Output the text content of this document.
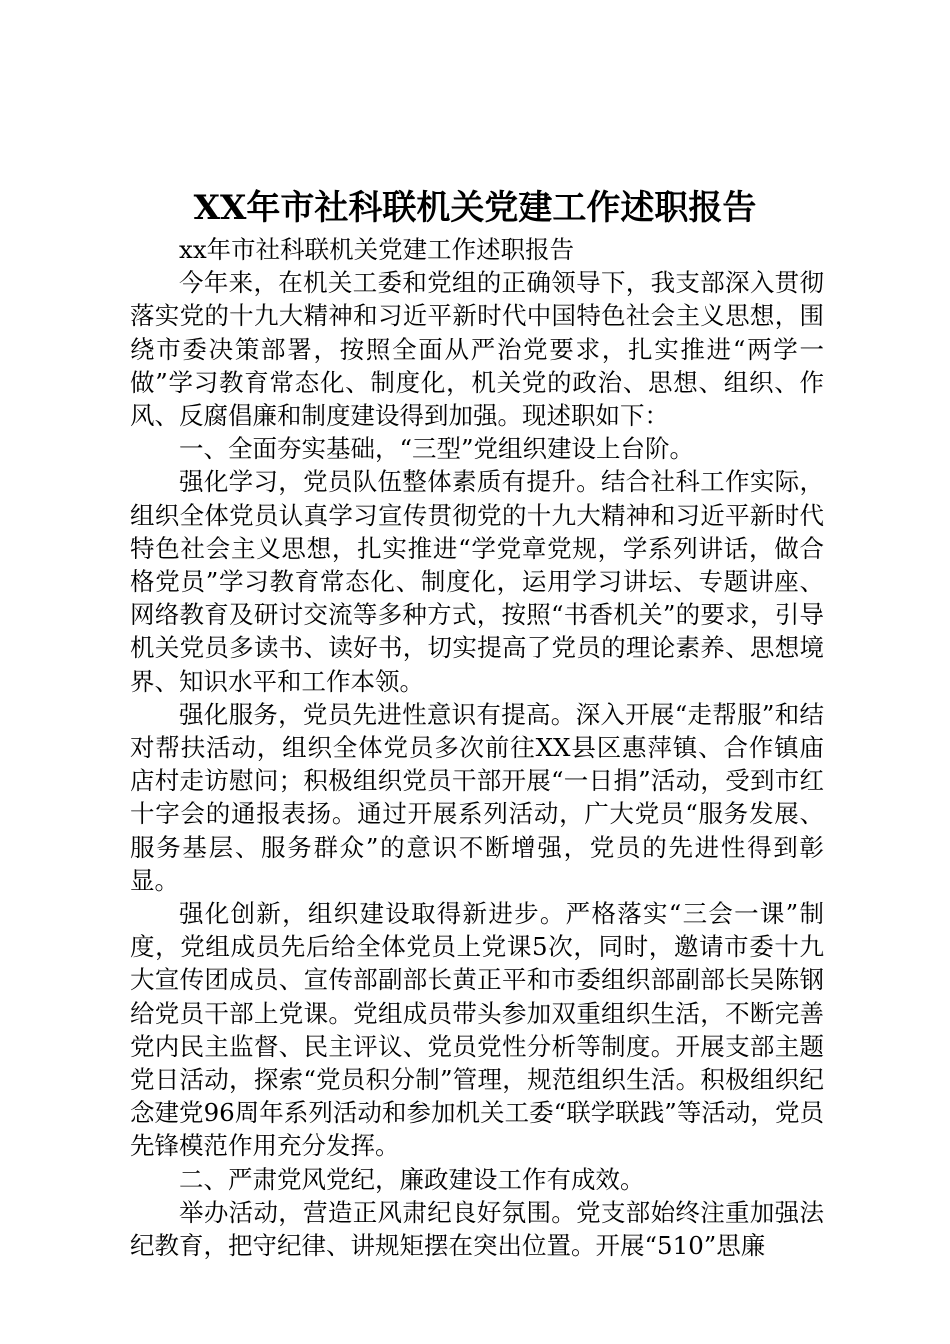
XX年市社科联机关党建工作述职报告

xx年市社科联机关党建工作述职报告

今年来，在机关工委和党组的正确领导下，我支部深入贯彻落实党的十九大精神和习近平新时代中国特色社会主义思想，围绕市委决策部署，按照全面从严治党要求，扎实推进“两学一做”学习教育常态化、制度化，机关党的政治、思想、组织、作风、反腐倡廉和制度建设得到加强。现述职如下：

一、全面夯实基础，“三型”党组织建设上台阶。

强化学习，党员队伍整体素质有提升。结合社科工作实际，组织全体党员认真学习宣传贯彻党的十九大精神和习近平新时代特色社会主义思想，扎实推进“学党章党规，学系列讲话，做合格党员”学习教育常态化、制度化，运用学习讲坛、专题讲座、网络教育及研讨交流等多种方式，按照“书香机关”的要求，引导机关党员多读书、读好书，切实提高了党员的理论素养、思想境界、知识水平和工作本领。

强化服务，党员先进性意识有提高。深入开展“走帮服”和结对帮扶活动，组织全体党员多次前往XX县区惠萍镇、合作镇庙店村走访慰问；积极组织党员干部开展“一日捐”活动，受到市红十字会的通报表扬。通过开展系列活动，广大党员“服务发展、服务基层、服务群众”的意识不断增强，党员的先进性得到彰显。

强化创新，组织建设取得新进步。严格落实“三会一课”制度，党组成员先后给全体党员上党课5次，同时，邀请市委十九大宣传团成员、宣传部副部长黄正平和市委组织部副部长吴陈钢给党员干部上党课。党组成员带头参加双重组织生活，不断完善党内民主监督、民主评议、党员党性分析等制度。开展支部主题党日活动，探索“党员积分制”管理，规范组织生活。积极组织纪念建党96周年系列活动和参加机关工委“联学联践”等活动，党员先锋模范作用充分发挥。

二、严肃党风党纪，廉政建设工作有成效。

举办活动，营造正风肃纪良好氛围。党支部始终注重加强法纪教育，把守纪律、讲规矩摆在突出位置。开展“510”思廉
